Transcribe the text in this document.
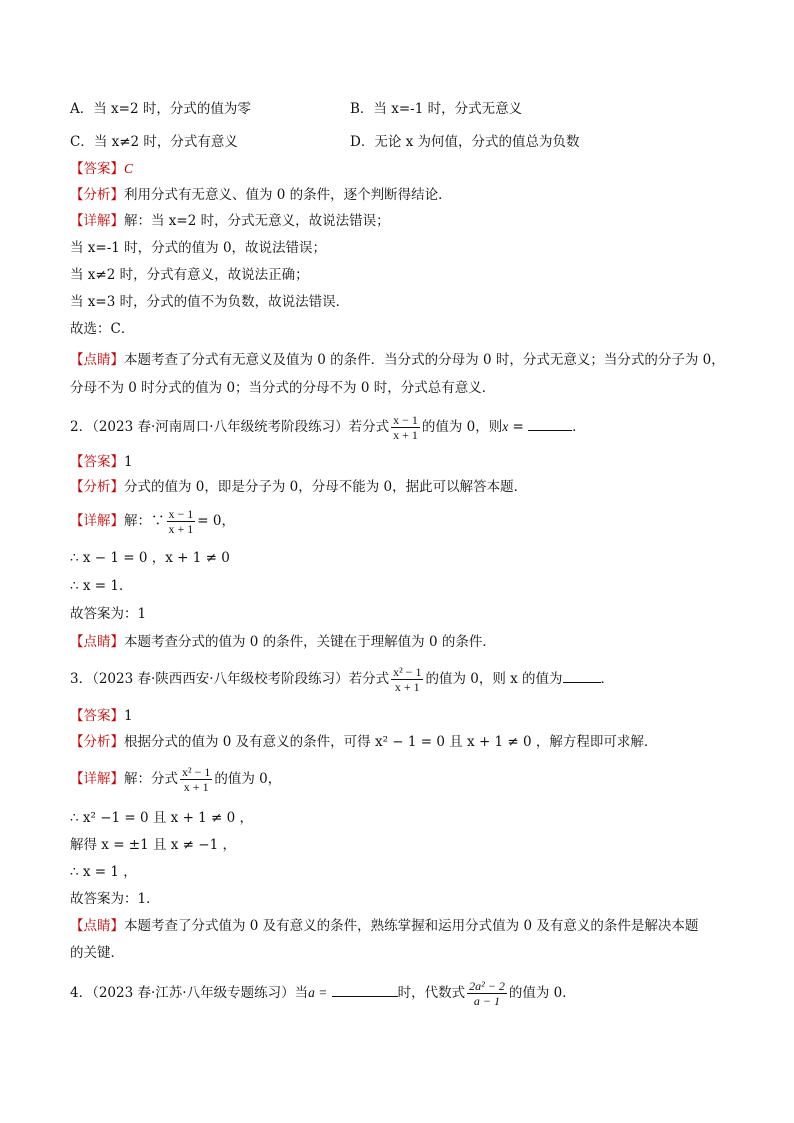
A．当 x=2 时，分式的值为零	B．当 x=-1 时，分式无意义
C．当 x≠2 时，分式有意义	D．无论 x 为何值，分式的值总为负数
【答案】C
【分析】利用分式有无意义、值为 0 的条件，逐个判断得结论．
【详解】解：当 x=2 时，分式无意义，故说法错误；
当 x=-1 时，分式的值为 0，故说法错误；
当 x≠2 时，分式有意义，故说法正确；
当 x=3 时，分式的值不为负数，故说法错误．
故选：C．
【点睛】本题考查了分式有无意义及值为 0 的条件．当分式的分母为 0 时，分式无意义；当分式的分子为 0，
分母不为 0 时分式的值为 0；当分式的分母不为 0 时，分式总有意义．
2．（2023 春·河南周口·八年级统考阶段练习）若分式 $\frac{x - 1}{x + 1}$ 的值为 0，则x =	．
【答案】1
【分析】分式的值为 0，即是分子为 0，分母不能为 0，据此可以解答本题．
【详解】解：∵ $\frac{x - 1}{x + 1} = 0$，
∴ x − 1 = 0 ，x + 1 ≠ 0
∴ x = 1．
故答案为：1
【点睛】本题考查分式的值为 0 的条件，关键在于理解值为 0 的条件．
3．（2023 春·陕西西安·八年级校考阶段练习）若分式 $\frac{\text{x² − 1}}{x + 1}$ 的值为 0，则 x 的值为	．
【答案】1
【分析】根据分式的值为 0 及有意义的条件，可得 x² − 1 = 0 且 x + 1 ≠ 0 ，解方程即可求解．
【详解】解：分式 $\frac{\text{x² − 1}}{x + 1}$ 的值为 0，
∴ x² −1 = 0 且 x + 1 ≠ 0 ，
解得 x = ±1 且 x ≠ −1 ，
∴ x = 1 ，
故答案为：1．
【点睛】本题考查了分式值为 0 及有意义的条件，熟练掌握和运用分式值为 0 及有意义的条件是解决本题
的关键．
4．（2023 春·江苏·八年级专题练习）当a =	时，代数式 $\frac{\text{2a² − 2}}{a - 1}$ 的值为 0．
